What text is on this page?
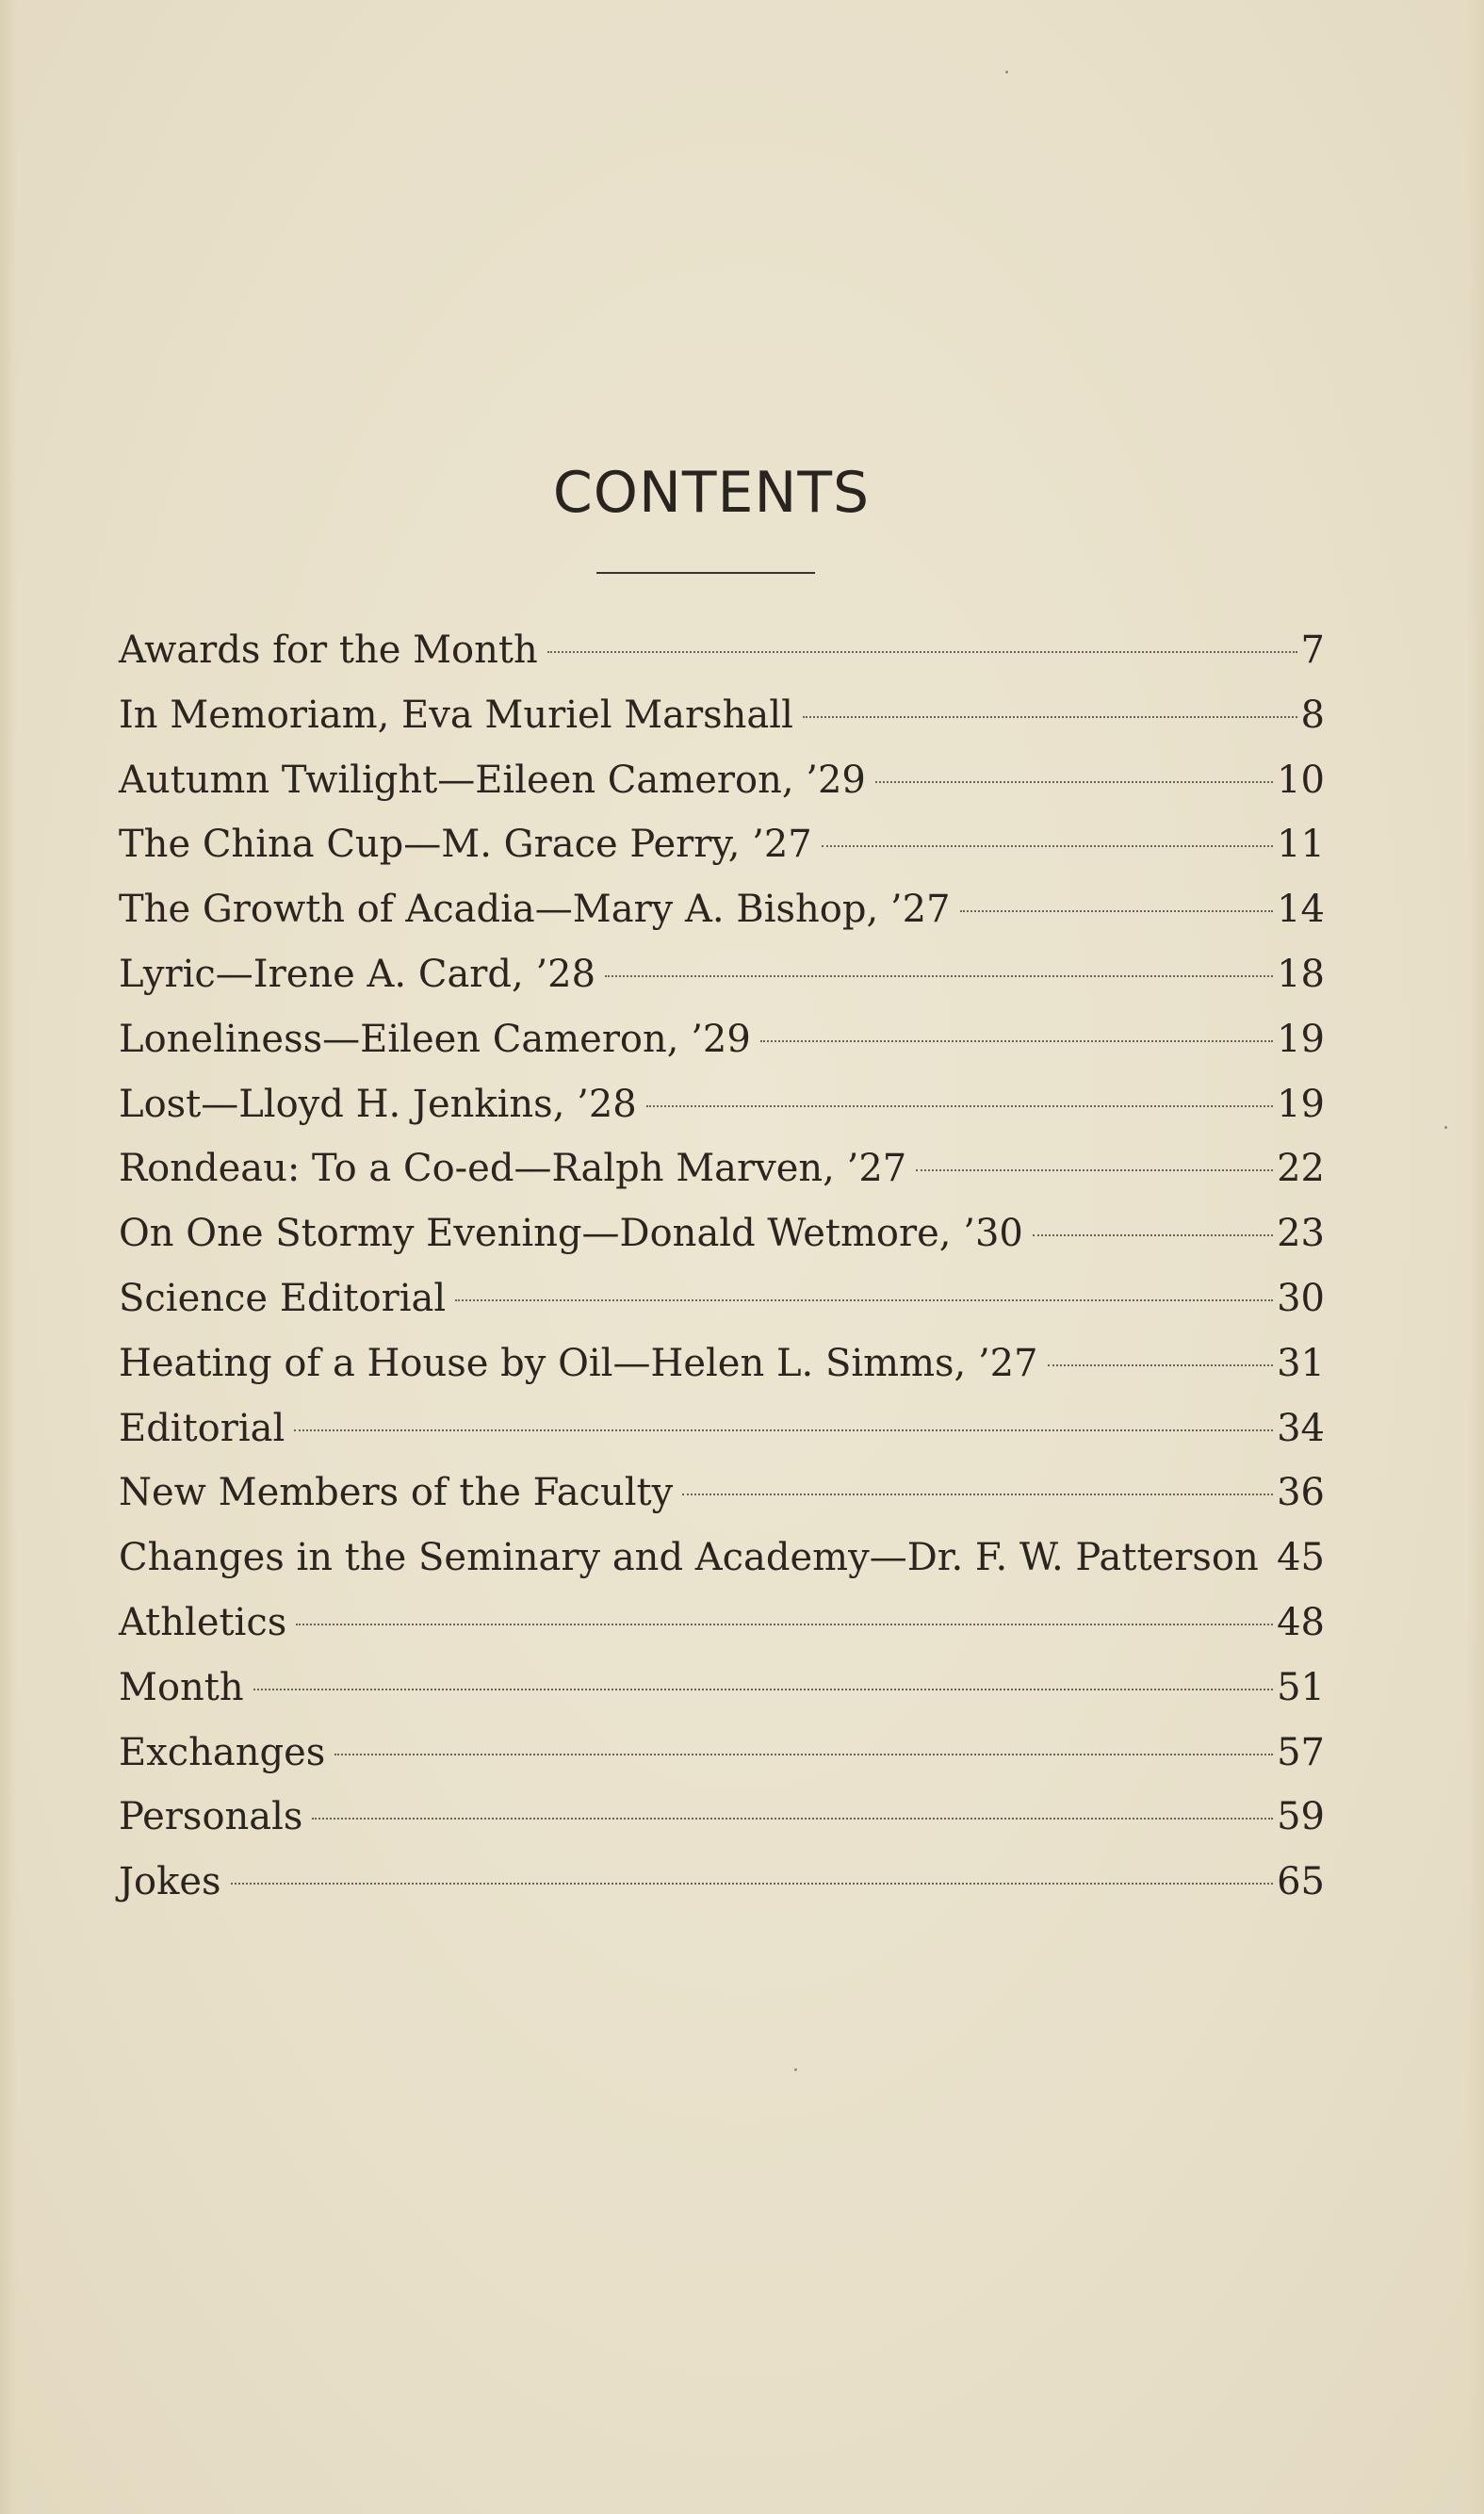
CONTENTS
Awards for the Month	7
In Memoriam, Eva Muriel Marshall	8
Autumn Twilight—Eileen Cameron, ’29	10
The China Cup—M. Grace Perry, ’27	11
The Growth of Acadia—Mary A. Bishop, ’27	14
Lyric—Irene A. Card, ’28	18
Loneliness—Eileen Cameron, ’29	19
Lost—Lloyd H. Jenkins, ’28	19
Rondeau: To a Co-ed—Ralph Marven, ’27	22
On One Stormy Evening—Donald Wetmore, ’30	23
Science Editorial	30
Heating of a House by Oil—Helen L. Simms, ’27	31
Editorial	34
New Members of the Faculty	36
Changes in the Seminary and Academy—Dr. F. W. Patterson 45
Athletics	48
Month	51
Exchanges	57
Personals	59
Jokes	65
